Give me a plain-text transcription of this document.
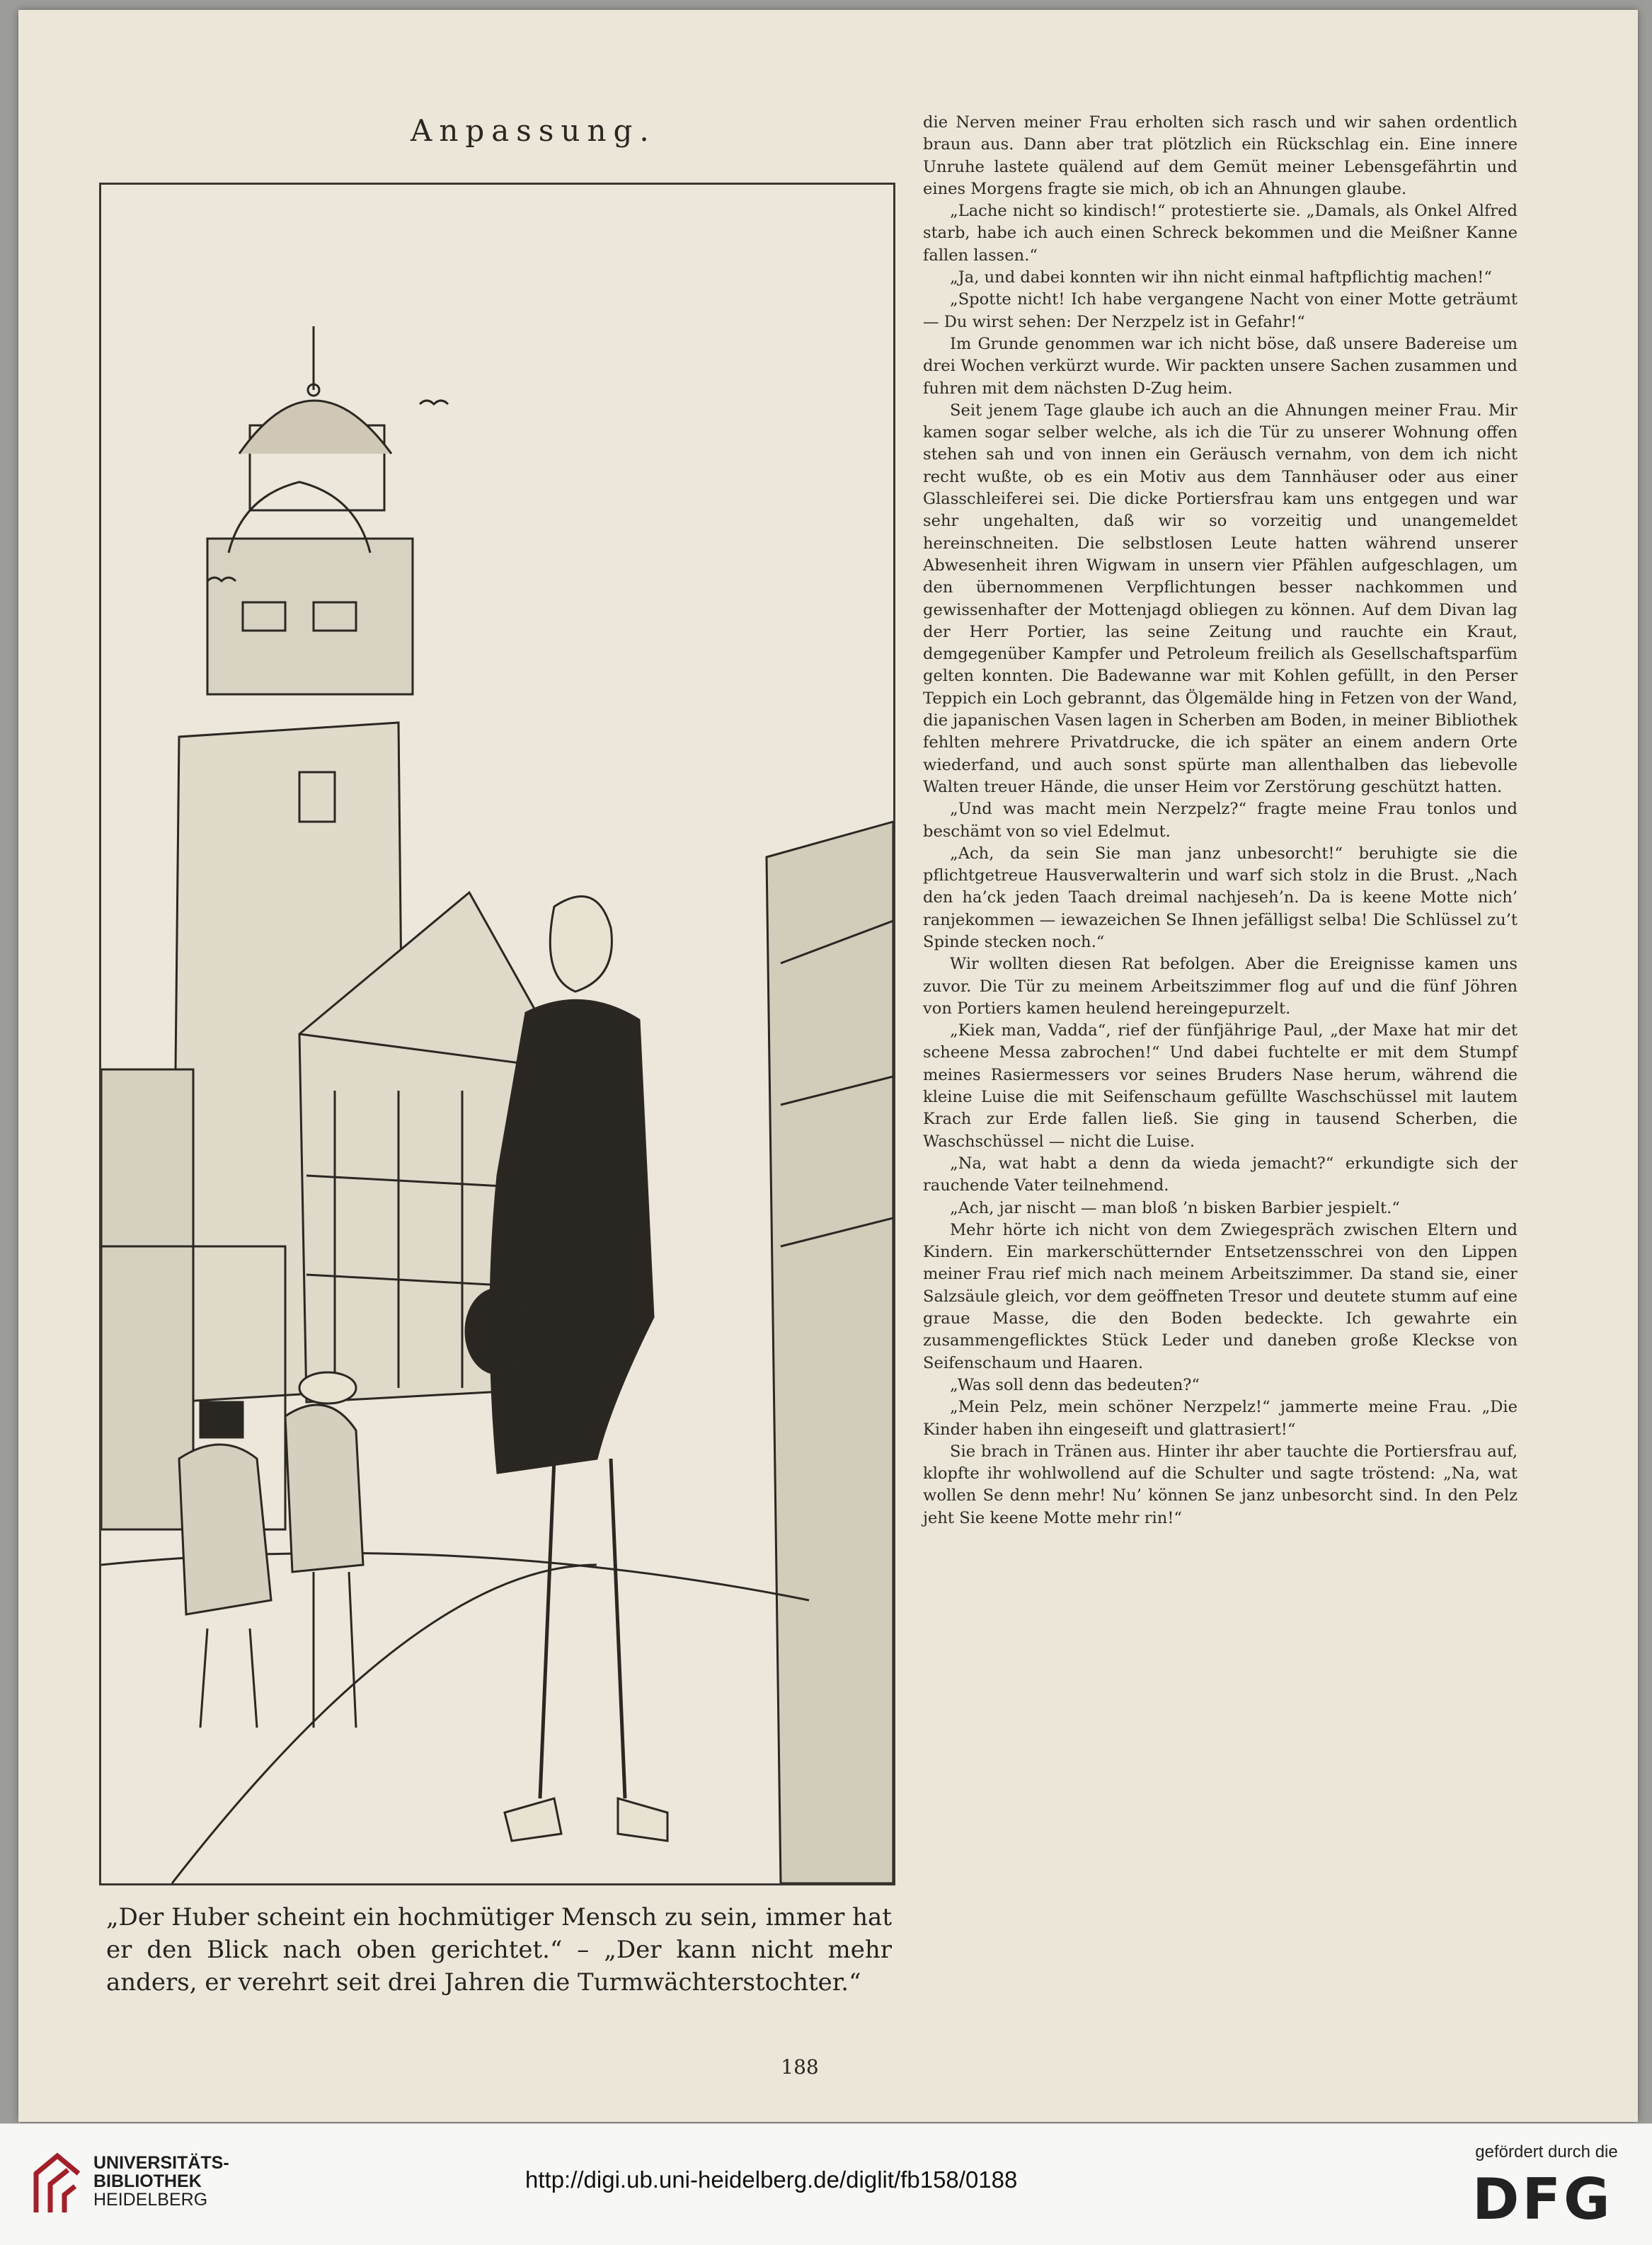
Anpassung.
„Der Huber scheint ein hochmütiger Mensch zu sein, immer hat er den Blick nach oben gerichtet.“ – „Der kann nicht mehr anders, er verehrt seit drei Jahren die Turmwächterstochter.“

die Nerven meiner Frau erholten sich rasch und wir sahen ordentlich braun aus. Dann aber trat plötzlich ein Rückschlag ein. Eine innere Unruhe lastete quälend auf dem Gemüt meiner Lebensgefährtin und eines Morgens fragte sie mich, ob ich an Ahnungen glaube.

„Lache nicht so kindisch!“ protestierte sie. „Damals, als Onkel Alfred starb, habe ich auch einen Schreck bekommen und die Meißner Kanne fallen lassen.“

„Ja, und dabei konnten wir ihn nicht einmal haftpflichtig machen!“

„Spotte nicht! Ich habe vergangene Nacht von einer Motte geträumt — Du wirst sehen: Der Nerzpelz ist in Gefahr!“

Im Grunde genommen war ich nicht böse, daß unsere Badereise um drei Wochen verkürzt wurde. Wir packten unsere Sachen zusammen und fuhren mit dem nächsten D-Zug heim.

Seit jenem Tage glaube ich auch an die Ahnungen meiner Frau. Mir kamen sogar selber welche, als ich die Tür zu unserer Wohnung offen stehen sah und von innen ein Geräusch vernahm, von dem ich nicht recht wußte, ob es ein Motiv aus dem Tannhäuser oder aus einer Glasschleiferei sei. Die dicke Portiersfrau kam uns entgegen und war sehr ungehalten, daß wir so vorzeitig und unangemeldet hereinschneiten. Die selbstlosen Leute hatten während unserer Abwesenheit ihren Wigwam in unsern vier Pfählen aufgeschlagen, um den übernommenen Verpflichtungen besser nachkommen und gewissenhafter der Mottenjagd obliegen zu können. Auf dem Divan lag der Herr Portier, las seine Zeitung und rauchte ein Kraut, demgegenüber Kampfer und Petroleum freilich als Gesellschaftsparfüm gelten konnten. Die Badewanne war mit Kohlen gefüllt, in den Perser Teppich ein Loch gebrannt, das Ölgemälde hing in Fetzen von der Wand, die japanischen Vasen lagen in Scherben am Boden, in meiner Bibliothek fehlten mehrere Privatdrucke, die ich später an einem andern Orte wiederfand, und auch sonst spürte man allenthalben das liebevolle Walten treuer Hände, die unser Heim vor Zerstörung geschützt hatten.

„Und was macht mein Nerzpelz?“ fragte meine Frau tonlos und beschämt von so viel Edelmut.

„Ach, da sein Sie man janz unbesorcht!“ beruhigte sie die pflichtgetreue Hausverwalterin und warf sich stolz in die Brust. „Nach den ha’ck jeden Taach dreimal nachjeseh’n. Da is keene Motte nich’ ranjekommen — iewazeichen Se Ihnen jefälligst selba! Die Schlüssel zu’t Spinde stecken noch.“

Wir wollten diesen Rat befolgen. Aber die Ereignisse kamen uns zuvor. Die Tür zu meinem Arbeitszimmer flog auf und die fünf Jöhren von Portiers kamen heulend hereingepurzelt.

„Kiek man, Vadda“, rief der fünfjährige Paul, „der Maxe hat mir det scheene Messa zabrochen!“ Und dabei fuchtelte er mit dem Stumpf meines Rasiermessers vor seines Bruders Nase herum, während die kleine Luise die mit Seifenschaum gefüllte Waschschüssel mit lautem Krach zur Erde fallen ließ. Sie ging in tausend Scherben, die Waschschüssel — nicht die Luise.

„Na, wat habt a denn da wieda jemacht?“ erkundigte sich der rauchende Vater teilnehmend.

„Ach, jar nischt — man bloß ’n bisken Barbier jespielt.“

Mehr hörte ich nicht von dem Zwiegespräch zwischen Eltern und Kindern. Ein markerschütternder Entsetzensschrei von den Lippen meiner Frau rief mich nach meinem Arbeitszimmer. Da stand sie, einer Salzsäule gleich, vor dem geöffneten Tresor und deutete stumm auf eine graue Masse, die den Boden bedeckte. Ich gewahrte ein zusammengeflicktes Stück Leder und daneben große Kleckse von Seifenschaum und Haaren.

„Was soll denn das bedeuten?“

„Mein Pelz, mein schöner Nerzpelz!“ jammerte meine Frau. „Die Kinder haben ihn eingeseift und glattrasiert!“

Sie brach in Tränen aus. Hinter ihr aber tauchte die Portiersfrau auf, klopfte ihr wohlwollend auf die Schulter und sagte tröstend: „Na, wat wollen Se denn mehr! Nu’ können Se janz unbesorcht sind. In den Pelz jeht Sie keene Motte mehr rin!“

188
UNIVERSITÄTS-
BIBLIOTHEK
HEIDELBERG
http://digi.ub.uni-heidelberg.de/diglit/fb158/0188
gefördert durch die
DFG
